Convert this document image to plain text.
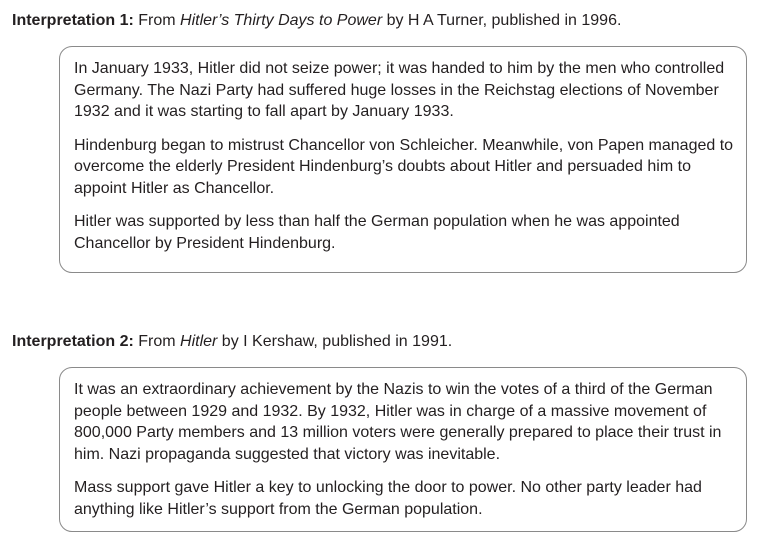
Interpretation 1: From Hitler’s Thirty Days to Power by H A Turner, published in 1996.

In January 1933, Hitler did not seize power; it was handed to him by the men who controlled Germany. The Nazi Party had suffered huge losses in the Reichstag elections of November 1932 and it was starting to fall apart by January 1933.

Hindenburg began to mistrust Chancellor von Schleicher. Meanwhile, von Papen managed to overcome the elderly President Hindenburg’s doubts about Hitler and persuaded him to appoint Hitler as Chancellor.

Hitler was supported by less than half the German population when he was appointed Chancellor by President Hindenburg.

Interpretation 2: From Hitler by I Kershaw, published in 1991.

It was an extraordinary achievement by the Nazis to win the votes of a third of the German people between 1929 and 1932. By 1932, Hitler was in charge of a massive movement of 800,000 Party members and 13 million voters were generally prepared to place their trust in him. Nazi propaganda suggested that victory was inevitable.

Mass support gave Hitler a key to unlocking the door to power. No other party leader had anything like Hitler’s support from the German population.
